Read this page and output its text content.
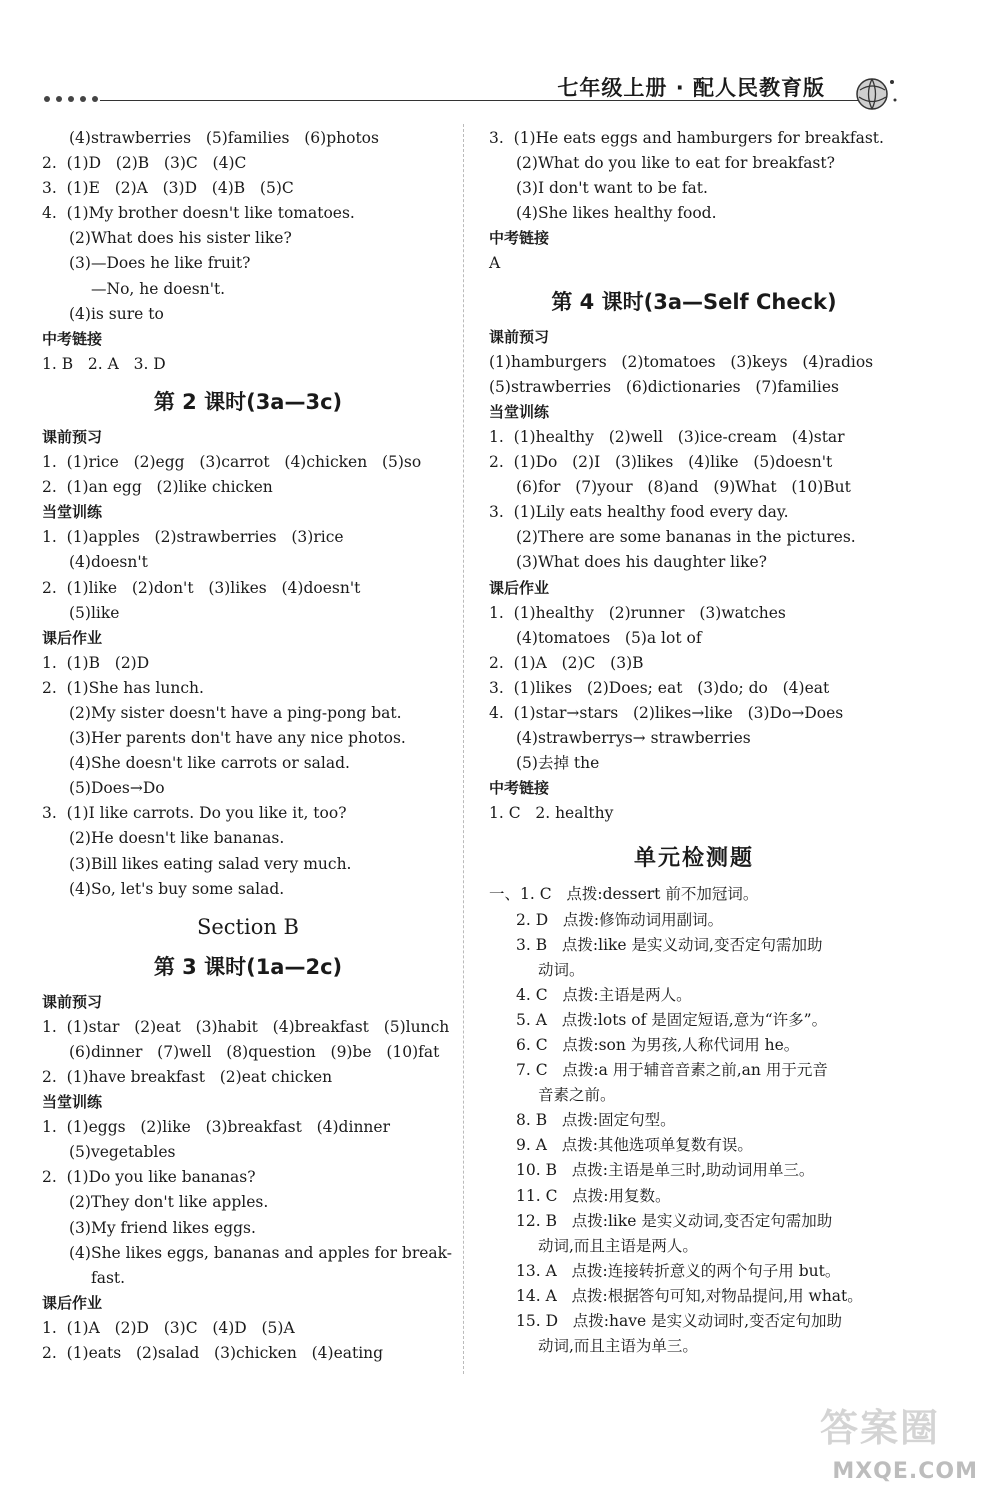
七年级上册 · 配人民教育版
(4)strawberries   (5)families   (6)photos
2.  (1)D   (2)B   (3)C   (4)C
3.  (1)E   (2)A   (3)D   (4)B   (5)C
4.  (1)My brother doesn't like tomatoes.
(2)What does his sister like?
(3)—Does he like fruit?
—No, he doesn't.
(4)is sure to
中考链接
1. B   2. A   3. D
第 2 课时(3a—3c)
课前预习
1.  (1)rice   (2)egg   (3)carrot   (4)chicken   (5)so
2.  (1)an egg   (2)like chicken
当堂训练
1.  (1)apples   (2)strawberries   (3)rice
(4)doesn't
2.  (1)like   (2)don't   (3)likes   (4)doesn't
(5)like
课后作业
1.  (1)B   (2)D
2.  (1)She has lunch.
(2)My sister doesn't have a ping-pong bat.
(3)Her parents don't have any nice photos.
(4)She doesn't like carrots or salad.
(5)Does→Do
3.  (1)I like carrots. Do you like it, too?
(2)He doesn't like bananas.
(3)Bill likes eating salad very much.
(4)So, let's buy some salad.
Section B
第 3 课时(1a—2c)
课前预习
1.  (1)star   (2)eat   (3)habit   (4)breakfast   (5)lunch
(6)dinner   (7)well   (8)question   (9)be   (10)fat
2.  (1)have breakfast   (2)eat chicken
当堂训练
1.  (1)eggs   (2)like   (3)breakfast   (4)dinner
(5)vegetables
2.  (1)Do you like bananas?
(2)They don't like apples.
(3)My friend likes eggs.
(4)She likes eggs, bananas and apples for break-
fast.
课后作业
1.  (1)A   (2)D   (3)C   (4)D   (5)A
2.  (1)eats   (2)salad   (3)chicken   (4)eating
3.  (1)He eats eggs and hamburgers for breakfast.
(2)What do you like to eat for breakfast?
(3)I don't want to be fat.
(4)She likes healthy food.
中考链接
A
第 4 课时(3a—Self Check)
课前预习
(1)hamburgers   (2)tomatoes   (3)keys   (4)radios
(5)strawberries   (6)dictionaries   (7)families
当堂训练
1.  (1)healthy   (2)well   (3)ice-cream   (4)star
2.  (1)Do   (2)I   (3)likes   (4)like   (5)doesn't
(6)for   (7)your   (8)and   (9)What   (10)But
3.  (1)Lily eats healthy food every day.
(2)There are some bananas in the pictures.
(3)What does his daughter like?
课后作业
1.  (1)healthy   (2)runner   (3)watches
(4)tomatoes   (5)a lot of
2.  (1)A   (2)C   (3)B
3.  (1)likes   (2)Does; eat   (3)do; do   (4)eat
4.  (1)star→stars   (2)likes→like   (3)Do→Does
(4)strawberrys→ strawberries
(5)去掉 the
中考链接
1. C   2. healthy
单元检测题
一、1. C   点拨:dessert 前不加冠词。
2. D   点拨:修饰动词用副词。
3. B   点拨:like 是实义动词,变否定句需加助
动词。
4. C   点拨:主语是两人。
5. A   点拨:lots of 是固定短语,意为“许多”。
6. C   点拨:son 为男孩,人称代词用 he。
7. C   点拨:a 用于辅音音素之前,an 用于元音
音素之前。
8. B   点拨:固定句型。
9. A   点拨:其他选项单复数有误。
10. B   点拨:主语是单三时,助动词用单三。
11. C   点拨:用复数。
12. B   点拨:like 是实义动词,变否定句需加助
动词,而且主语是两人。
13. A   点拨:连接转折意义的两个句子用 but。
14. A   点拨:根据答句可知,对物品提问,用 what。
15. D   点拨:have 是实义动词时,变否定句加助
动词,而且主语为单三。
答案圈
MXQE.COM
